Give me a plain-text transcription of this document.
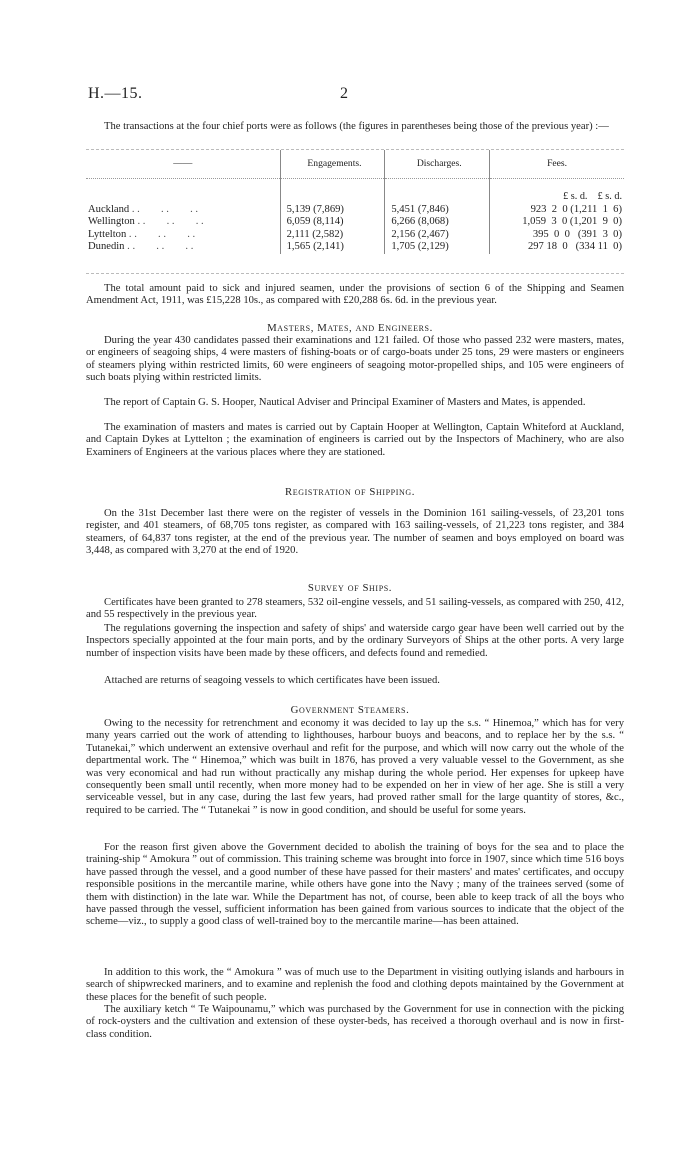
H.—15.	2

The transactions at the four chief ports were as follows (the figures in parentheses being those of the previous year) :—

——	Engagements.	Discharges.	Fees.
			£ s. d.    £ s. d.
Auckland . .        . .        . .	5,139 (7,869)	5,451 (7,846)	923  2  0 (1,211  1  6)
Wellington . .        . .        . .	6,059 (8,114)	6,266 (8,068)	1,059  3  0 (1,201  9  0)
Lyttelton . .        . .        . .	2,111 (2,582)	2,156 (2,467)	395  0  0   (391  3  0)
Dunedin . .        . .        . .	1,565 (2,141)	1,705 (2,129)	297 18  0   (334 11  0)

The total amount paid to sick and injured seamen, under the provisions of section 6 of the Shipping and Seamen Amendment Act, 1911, was £15,228 10s., as compared with £20,288 6s. 6d. in the previous year.

Masters, Mates, and Engineers.

During the year 430 candidates passed their examinations and 121 failed. Of those who passed 232 were masters, mates, or engineers of seagoing ships, 4 were masters of fishing-boats or of cargo-boats under 25 tons, 29 were masters or engineers of steamers plying within restricted limits, 60 were engineers of seagoing motor-propelled ships, and 105 were engineers of such boats plying within restricted limits.

The report of Captain G. S. Hooper, Nautical Adviser and Principal Examiner of Masters and Mates, is appended.

The examination of masters and mates is carried out by Captain Hooper at Wellington, Captain Whiteford at Auckland, and Captain Dykes at Lyttelton ; the examination of engineers is carried out by the Inspectors of Machinery, who are also Examiners of Engineers at the various places where they are stationed.

Registration of Shipping.

On the 31st December last there were on the register of vessels in the Dominion 161 sailing-vessels, of 23,201 tons register, and 401 steamers, of 68,705 tons register, as compared with 163 sailing-vessels, of 21,223 tons register, and 384 steamers, of 64,837 tons register, at the end of the previous year. The number of seamen and boys employed on board was 3,448, as compared with 3,270 at the end of 1920.

Survey of Ships.

Certificates have been granted to 278 steamers, 532 oil-engine vessels, and 51 sailing-vessels, as compared with 250, 412, and 55 respectively in the previous year.

The regulations governing the inspection and safety of ships' and waterside cargo gear have been well carried out by the Inspectors specially appointed at the four main ports, and by the ordinary Surveyors of Ships at the other ports. A very large number of inspection visits have been made by these officers, and defects found and remedied.

Attached are returns of seagoing vessels to which certificates have been issued.

Government Steamers.

Owing to the necessity for retrenchment and economy it was decided to lay up the s.s. “ Hinemoa,” which has for very many years carried out the work of attending to lighthouses, harbour buoys and beacons, and to replace her by the s.s. “ Tutanekai,” which underwent an extensive overhaul and refit for the purpose, and which will now carry out the whole of the departmental work. The “ Hinemoa,” which was built in 1876, has proved a very valuable vessel to the Government, as she was very economical and had run without practically any mishap during the whole period. Her expenses for upkeep have consequently been small until recently, when more money had to be expended on her in view of her age. She is still a very serviceable vessel, but in any case, during the last few years, had proved rather small for the large quantity of stores, &c., required to be carried. The “ Tutanekai ” is now in good condition, and should be useful for some years.

For the reason first given above the Government decided to abolish the training of boys for the sea and to place the training-ship “ Amokura ” out of commission. This training scheme was brought into force in 1907, since which time 516 boys have passed through the vessel, and a good number of these have passed for their masters' and mates' certificates, and occupy responsible positions in the mercantile marine, while others have gone into the Navy ; many of the trainees served (some of them with distinction) in the late war. While the Department has not, of course, been able to keep track of all the boys who have passed through the vessel, sufficient information has been gained from various sources to indicate that the object of the scheme—viz., to supply a good class of well-trained boy to the mercantile marine—has been attained.

In addition to this work, the “ Amokura ” was of much use to the Department in visiting outlying islands and harbours in search of shipwrecked mariners, and to examine and replenish the food and clothing depots maintained by the Government at these places for the benefit of such people.

The auxiliary ketch “ Te Waipounamu,” which was purchased by the Government for use in connection with the picking of rock-oysters and the cultivation and extension of these oyster-beds, has received a thorough overhaul and is now in first-class condition.
